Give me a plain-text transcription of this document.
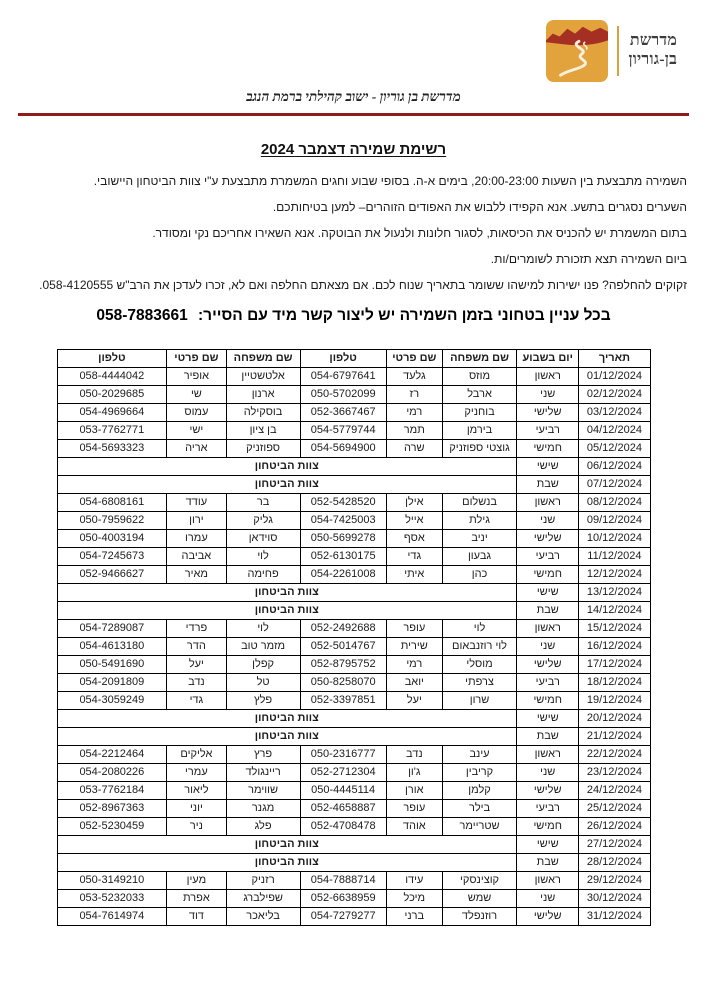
מדרשת
בן-גוריון
מדרשת בן גוריון - ישוב קהילתי ברמת הנגב
רשימת שמירה דצמבר 2024

השמירה מתבצעת בין השעות 20:00-23:00, בימים א-ה. בסופי שבוע וחגים המשמרת מתבצעת ע"י צוות הביטחון היישובי.

השערים נסגרים בתשע. אנא הקפידו ללבוש את האפודים הזוהרים– למען בטיחותכם.

בתום המשמרת יש להכניס את הכיסאות, לסגור חלונות ולנעול את הבוטקה. אנא השאירו אחריכם נקי ומסודר.

ביום השמירה תצא תזכורת לשומרים/ות.

זקוקים להחלפה? פנו ישירות למישהו ששומר בתאריך שנוח לכם. אם מצאתם החלפה ואם לא, זכרו לעדכן את הרב"ש 058-4120555.

בכל עניין בטחוני בזמן השמירה יש ליצור קשר מיד עם הסייר: 058-7883661
תאריך	יום בשבוע	שם משפחה	שם פרטי	טלפון	שם משפחה	שם פרטי	טלפון
01/12/2024	ראשון	מוזס	גלעד	054-6797641	אלטשטיין	אופיר	058-4444042
02/12/2024	שני	ארבל	רז	050-5702099	ארנון	שי	050-2029685
03/12/2024	שלישי	בוחניק	רמי	052-3667467	בוסקילה	עמוס	054-4969664
04/12/2024	רביעי	בירמן	תמר	054-5779744	בן ציון	ישי	053-7762771
05/12/2024	חמישי	גוצטי ספוזניק	שרה	054-5694900	ספוזניק	אריה	054-5693323
06/12/2024	שישי	צוות הביטחון					
07/12/2024	שבת	צוות הביטחון					
08/12/2024	ראשון	בנשלום	אילן	052-5428520	בר	עודד	054-6808161
09/12/2024	שני	גילת	אייל	054-7425003	גליק	ירון	050-7959622
10/12/2024	שלישי	יניב	אסף	050-5699278	סוידאן	עמרו	050-4003194
11/12/2024	רביעי	גבעון	גדי	052-6130175	לוי	אביבה	054-7245673
12/12/2024	חמישי	כהן	איתי	054-2261008	פחימה	מאיר	052-9466627
13/12/2024	שישי	צוות הביטחון					
14/12/2024	שבת	צוות הביטחון					
15/12/2024	ראשון	לוי	עופר	052-2492688	לוי	פרדי	054-7289087
16/12/2024	שני	לוי רוזנבאום	שירית	052-5014767	מזמר טוב	הדר	054-4613180
17/12/2024	שלישי	מוסלי	רמי	052-8795752	קפלן	יעל	050-5491690
18/12/2024	רביעי	צרפתי	יואב	050-8258070	טל	נדב	054-2091809
19/12/2024	חמישי	שרון	יעל	052-3397851	פלץ	גדי	054-3059249
20/12/2024	שישי	צוות הביטחון					
21/12/2024	שבת	צוות הביטחון					
22/12/2024	ראשון	עינב	נדב	050-2316777	פרץ	אליקים	054-2212464
23/12/2024	שני	קריבין	ג'ון	052-2712304	ריינגולד	עמרי	054-2080226
24/12/2024	שלישי	קלמן	אורן	050-4445114	שווימר	ליאור	053-7762184
25/12/2024	רביעי	בילר	עופר	052-4658887	מגנר	יוני	052-8967363
26/12/2024	חמישי	שטריימר	אוהד	052-4708478	פלג	ניר	052-5230459
27/12/2024	שישי	צוות הביטחון					
28/12/2024	שבת	צוות הביטחון					
29/12/2024	ראשון	קוצינסקי	עידו	054-7888714	רזניק	מעין	050-3149210
30/12/2024	שני	שמש	מיכל	052-6638959	שפילברג	אפרת	053-5232033
31/12/2024	שלישי	רוזנפלד	ברני	054-7279277	בליאכר	דוד	054-7614974
